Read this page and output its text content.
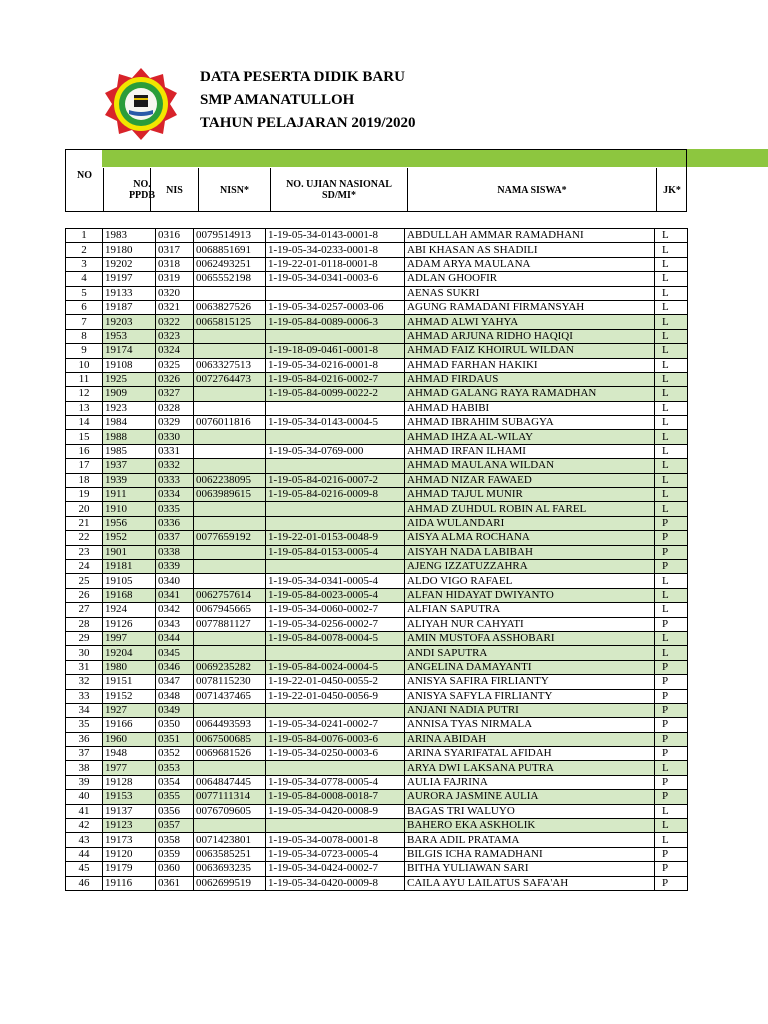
DATA PESERTA DIDIK BARU
SMP AMANATULLOH
TAHUN PELAJARAN 2019/2020
NO
NO. PPDB	NIS	NISN*	NO. UJIAN NASIONAL SD/MI*	NAMA SISWA*	JK*
1	1983	0316	0079514913	1-19-05-34-0143-0001-8	ABDULLAH AMMAR RAMADHANI	L
2	19180	0317	0068851691	1-19-05-34-0233-0001-8	ABI KHASAN AS SHADILI	L
3	19202	0318	0062493251	1-19-22-01-0118-0001-8	ADAM ARYA MAULANA	L
4	19197	0319	0065552198	1-19-05-34-0341-0003-6	ADLAN GHOOFIR	L
5	19133	0320			AENAS SUKRI	L
6	19187	0321	0063827526	1-19-05-34-0257-0003-06	AGUNG RAMADANI FIRMANSYAH	L
7	19203	0322	0065815125	1-19-05-84-0089-0006-3	AHMAD ALWI YAHYA	L
8	1953	0323			AHMAD ARJUNA RIDHO HAQIQI	L
9	19174	0324		1-19-18-09-0461-0001-8	AHMAD FAIZ KHOIRUL WILDAN	L
10	19108	0325	0063327513	1-19-05-34-0216-0001-8	AHMAD FARHAN HAKIKI	L
11	1925	0326	0072764473	1-19-05-84-0216-0002-7	AHMAD FIRDAUS	L
12	1909	0327		1-19-05-84-0099-0022-2	AHMAD GALANG RAYA RAMADHAN	L
13	1923	0328			AHMAD HABIBI	L
14	1984	0329	0076011816	1-19-05-34-0143-0004-5	AHMAD IBRAHIM SUBAGYA	L
15	1988	0330			AHMAD IHZA AL-WILAY	L
16	1985	0331		1-19-05-34-0769-000	AHMAD IRFAN ILHAMI	L
17	1937	0332			AHMAD MAULANA WILDAN	L
18	1939	0333	0062238095	1-19-05-84-0216-0007-2	AHMAD NIZAR FAWAED	L
19	1911	0334	0063989615	1-19-05-84-0216-0009-8	AHMAD TAJUL MUNIR	L
20	1910	0335			AHMAD ZUHDUL ROBIN AL FAREL	L
21	1956	0336			AIDA WULANDARI	P
22	1952	0337	0077659192	1-19-22-01-0153-0048-9	AISYA ALMA ROCHANA	P
23	1901	0338		1-19-05-84-0153-0005-4	AISYAH NADA LABIBAH	P
24	19181	0339			AJENG IZZATUZZAHRA	P
25	19105	0340		1-19-05-34-0341-0005-4	ALDO VIGO RAFAEL	L
26	19168	0341	0062757614	1-19-05-84-0023-0005-4	ALFAN HIDAYAT DWIYANTO	L
27	1924	0342	0067945665	1-19-05-34-0060-0002-7	ALFIAN SAPUTRA	L
28	19126	0343	0077881127	1-19-05-34-0256-0002-7	ALIYAH NUR CAHYATI	P
29	1997	0344		1-19-05-84-0078-0004-5	AMIN MUSTOFA ASSHOBARI	L
30	19204	0345			ANDI SAPUTRA	L
31	1980	0346	0069235282	1-19-05-84-0024-0004-5	ANGELINA DAMAYANTI	P
32	19151	0347	0078115230	1-19-22-01-0450-0055-2	ANISYA SAFIRA FIRLIANTY	P
33	19152	0348	0071437465	1-19-22-01-0450-0056-9	ANISYA SAFYLA FIRLIANTY	P
34	1927	0349			ANJANI NADIA PUTRI	P
35	19166	0350	0064493593	1-19-05-34-0241-0002-7	ANNISA TYAS NIRMALA	P
36	1960	0351	0067500685	1-19-05-84-0076-0003-6	ARINA ABIDAH	P
37	1948	0352	0069681526	1-19-05-34-0250-0003-6	ARINA SYARIFATAL AFIDAH	P
38	1977	0353			ARYA DWI LAKSANA PUTRA	L
39	19128	0354	0064847445	1-19-05-34-0778-0005-4	AULIA FAJRINA	P
40	19153	0355	0077111314	1-19-05-84-0008-0018-7	AURORA JASMINE AULIA	P
41	19137	0356	0076709605	1-19-05-34-0420-0008-9	BAGAS TRI WALUYO	L
42	19123	0357			BAHERO EKA ASKHOLIK	L
43	19173	0358	0071423801	1-19-05-34-0078-0001-8	BARA ADIL PRATAMA	L
44	19120	0359	0063585251	1-19-05-34-0723-0005-4	BILGIS ICHA RAMADHANI	P
45	19179	0360	0063693235	1-19-05-34-0424-0002-7	BITHA YULIAWAN SARI	P
46	19116	0361	0062699519	1-19-05-34-0420-0009-8	CAILA AYU LAILATUS SAFA'AH	P
